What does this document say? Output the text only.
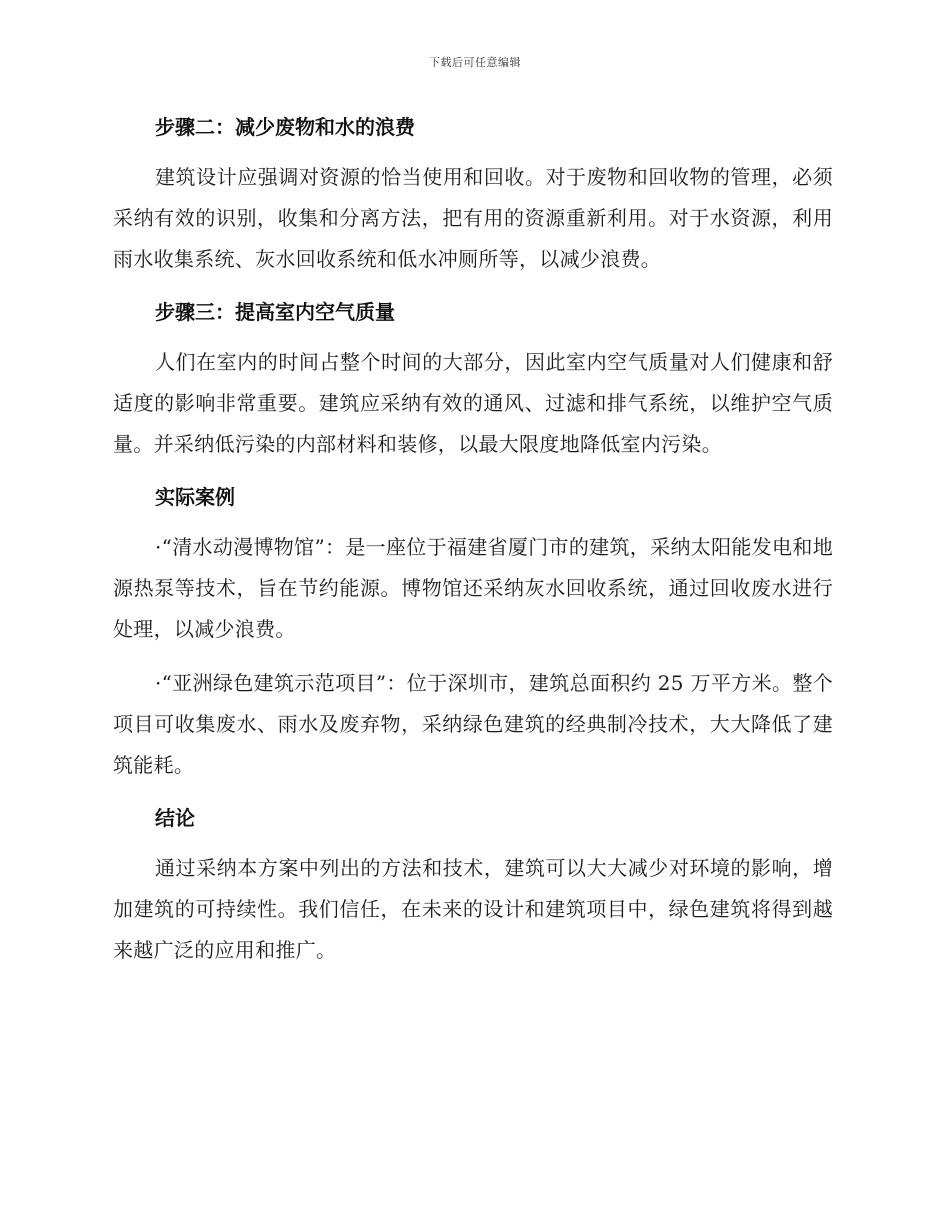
下载后可任意编辑
步骤二：减少废物和水的浪费

建筑设计应强调对资源的恰当使用和回收。对于废物和回收物的管理，必须采纳有效的识别，收集和分离方法，把有用的资源重新利用。对于水资源，利用雨水收集系统、灰水回收系统和低水冲厕所等，以减少浪费。

步骤三：提高室内空气质量

人们在室内的时间占整个时间的大部分，因此室内空气质量对人们健康和舒适度的影响非常重要。建筑应采纳有效的通风、过滤和排气系统，以维护空气质量。并采纳低污染的内部材料和装修，以最大限度地降低室内污染。

实际案例

·“清水动漫博物馆”：是一座位于福建省厦门市的建筑，采纳太阳能发电和地源热泵等技术，旨在节约能源。博物馆还采纳灰水回收系统，通过回收废水进行处理，以减少浪费。

·“亚洲绿色建筑示范项目”：位于深圳市，建筑总面积约 25 万平方米。整个项目可收集废水、雨水及废弃物，采纳绿色建筑的经典制冷技术，大大降低了建筑能耗。

结论

通过采纳本方案中列出的方法和技术，建筑可以大大减少对环境的影响，增加建筑的可持续性。我们信任，在未来的设计和建筑项目中，绿色建筑将得到越来越广泛的应用和推广。
